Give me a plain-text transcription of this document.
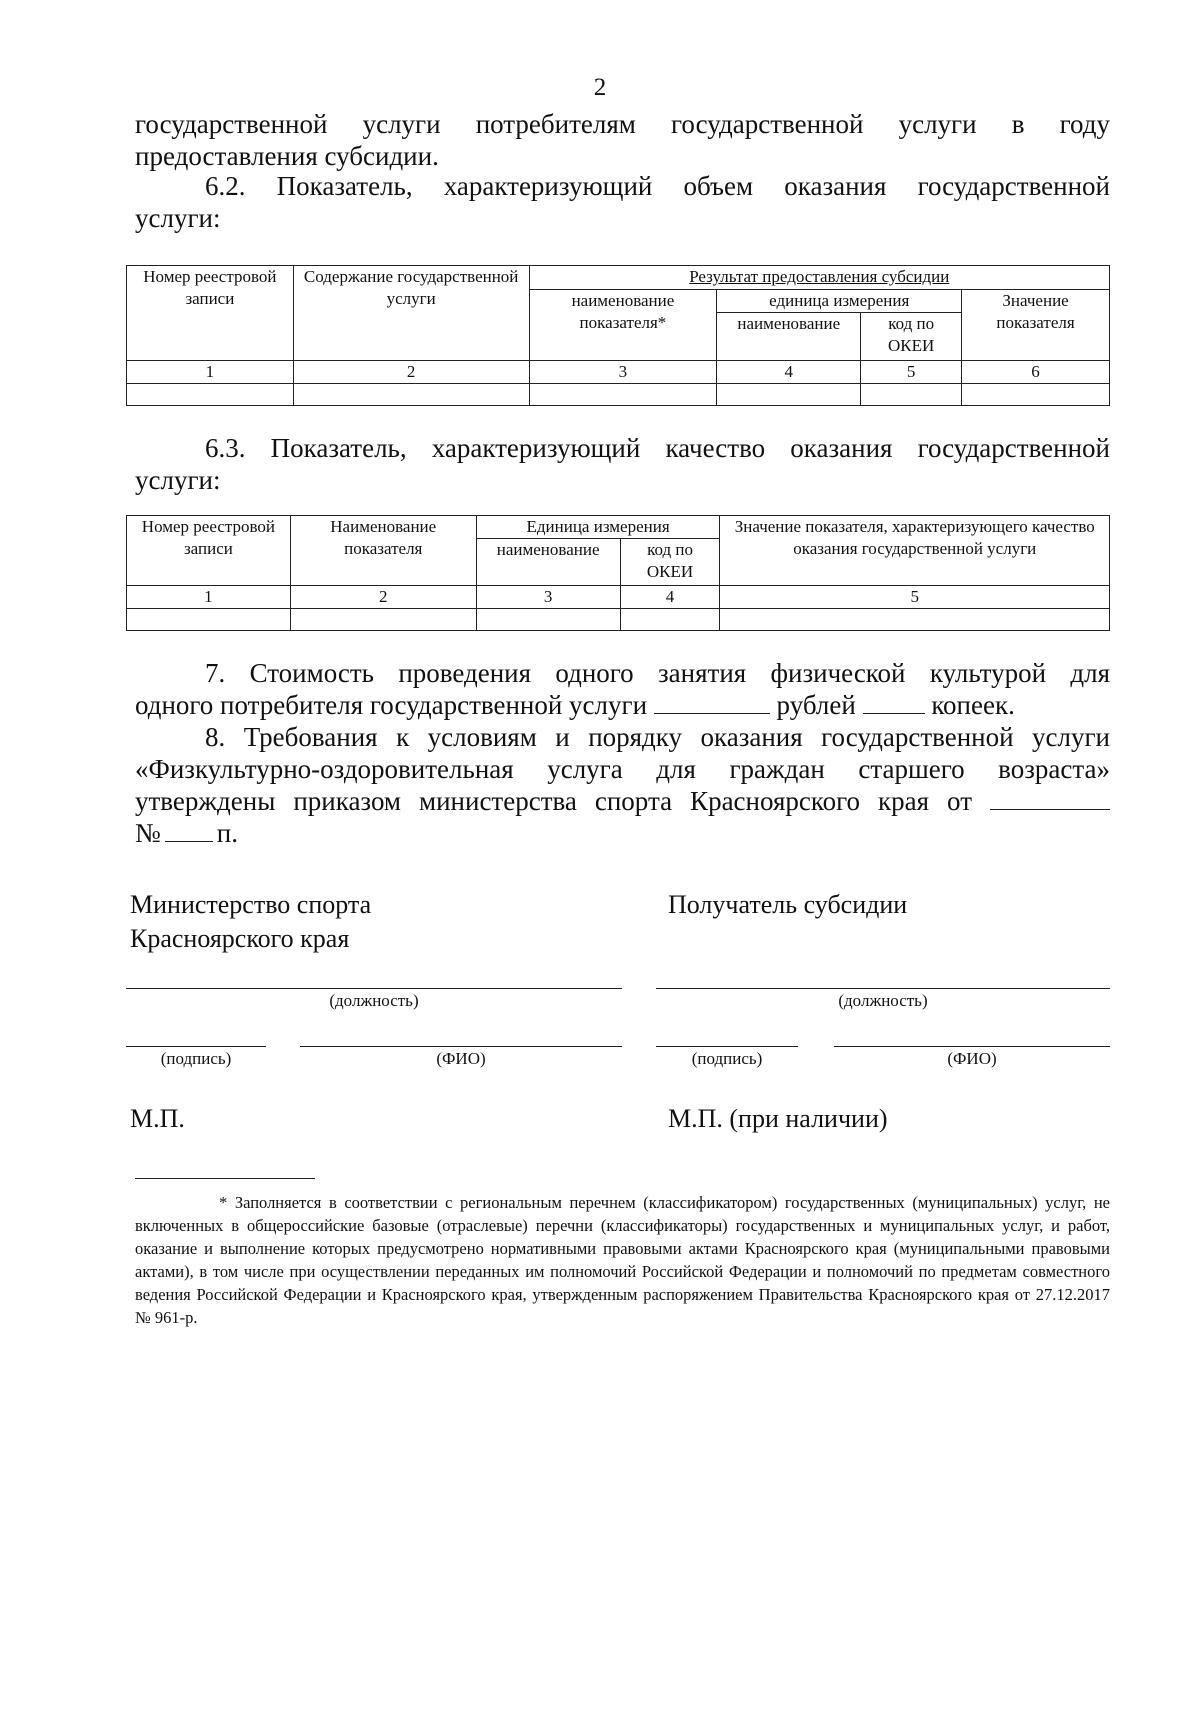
2

государственной услуги потребителям государственной услуги в году

предоставления субсидии.

6.2. Показатель, характеризующий объем оказания государственной

услуги:

Номер реестровой записи	Содержание государственной услуги	Результат предоставления субсидии			
		наименование показателя*	единица измерения		Значение показателя
			наименование	код по ОКЕИ	
1	2	3	4	5	6

6.3. Показатель, характеризующий качество оказания государственной

услуги:

Номер реестровой записи	Наименование показателя	Единица измерения		Значение показателя, характеризующего качество оказания государственной услуги
		наименование	код по ОКЕИ	
1	2	3	4	5

7. Стоимость проведения одного занятия физической культурой для

одного потребителя государственной услуги	рублей	копеек.

8. Требования к условиям и порядку оказания государственной услуги

«Физкультурно-оздоровительная услуга для граждан старшего возраста»

утверждены приказом министерства спорта Красноярского края от

№ п.

Министерство спорта
Красноярского края
Получатель субсидии
(должность)	(должность)
(подпись)	(ФИО)	(подпись)	(ФИО)
М.П.	М.П. (при наличии)

* Заполняется в соответствии с региональным перечнем (классификатором) государственных (муниципальных) услуг, не включенных в общероссийские базовые (отраслевые) перечни (классификаторы) государственных и муниципальных услуг, и работ, оказание и выполнение которых предусмотрено нормативными правовыми актами Красноярского края (муниципальными правовыми актами), в том числе при осуществлении переданных им полномочий Российской Федерации и полномочий по предметам совместного ведения Российской Федерации и Красноярского края, утвержденным распоряжением Правительства Красноярского края от 27.12.2017 № 961-р.
